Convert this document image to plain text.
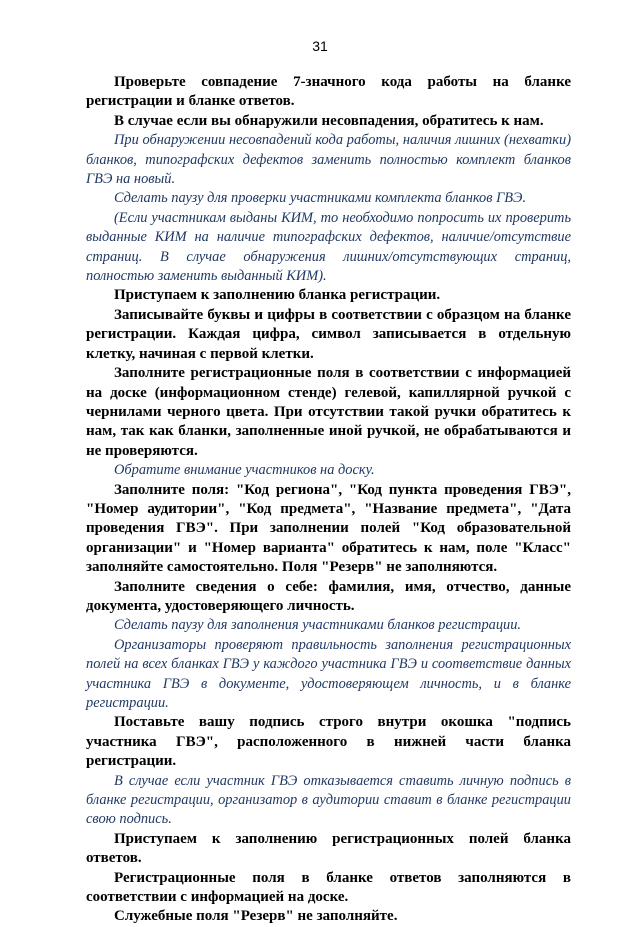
31

Проверьте совпадение 7-значного кода работы на бланке регистрации и бланке ответов.

В случае если вы обнаружили несовпадения, обратитесь к нам.

При обнаружении несовпадений кода работы, наличия лишних (нехватки) бланков, типографских дефектов заменить полностью комплект бланков ГВЭ на новый.

Сделать паузу для проверки участниками комплекта бланков ГВЭ.

(Если участникам выданы КИМ, то необходимо попросить их проверить выданные КИМ на наличие типографских дефектов, наличие/отсутствие страниц. В случае обнаружения лишних/отсутствующих страниц, полностью заменить выданный КИМ).

Приступаем к заполнению бланка регистрации.

Записывайте буквы и цифры в соответствии с образцом на бланке регистрации. Каждая цифра, символ записывается в отдельную клетку, начиная с первой клетки.

Заполните регистрационные поля в соответствии с информацией на доске (информационном стенде) гелевой, капиллярной ручкой с чернилами черного цвета. При отсутствии такой ручки обратитесь к нам, так как бланки, заполненные иной ручкой, не обрабатываются и не проверяются.

Обратите внимание участников на доску.

Заполните поля: "Код региона", "Код пункта проведения ГВЭ", "Номер аудитории", "Код предмета", "Название предмета", "Дата проведения ГВЭ". При заполнении полей "Код образовательной организации" и "Номер варианта" обратитесь к нам, поле "Класс" заполняйте самостоятельно. Поля "Резерв" не заполняются.

Заполните сведения о себе: фамилия, имя, отчество, данные документа, удостоверяющего личность.

Сделать паузу для заполнения участниками бланков регистрации.

Организаторы проверяют правильность заполнения регистрационных полей на всех бланках ГВЭ у каждого участника ГВЭ и соответствие данных участника ГВЭ в документе, удостоверяющем личность, и в бланке регистрации.

Поставьте вашу подпись строго внутри окошка "подпись участника ГВЭ", расположенного в нижней части бланка регистрации.

В случае если участник ГВЭ отказывается ставить личную подпись в бланке регистрации, организатор в аудитории ставит в бланке регистрации свою подпись.

Приступаем к заполнению регистрационных полей бланка ответов.

Регистрационные поля в бланке ответов заполняются в соответствии с информацией на доске.

Служебные поля "Резерв" не заполняйте.
